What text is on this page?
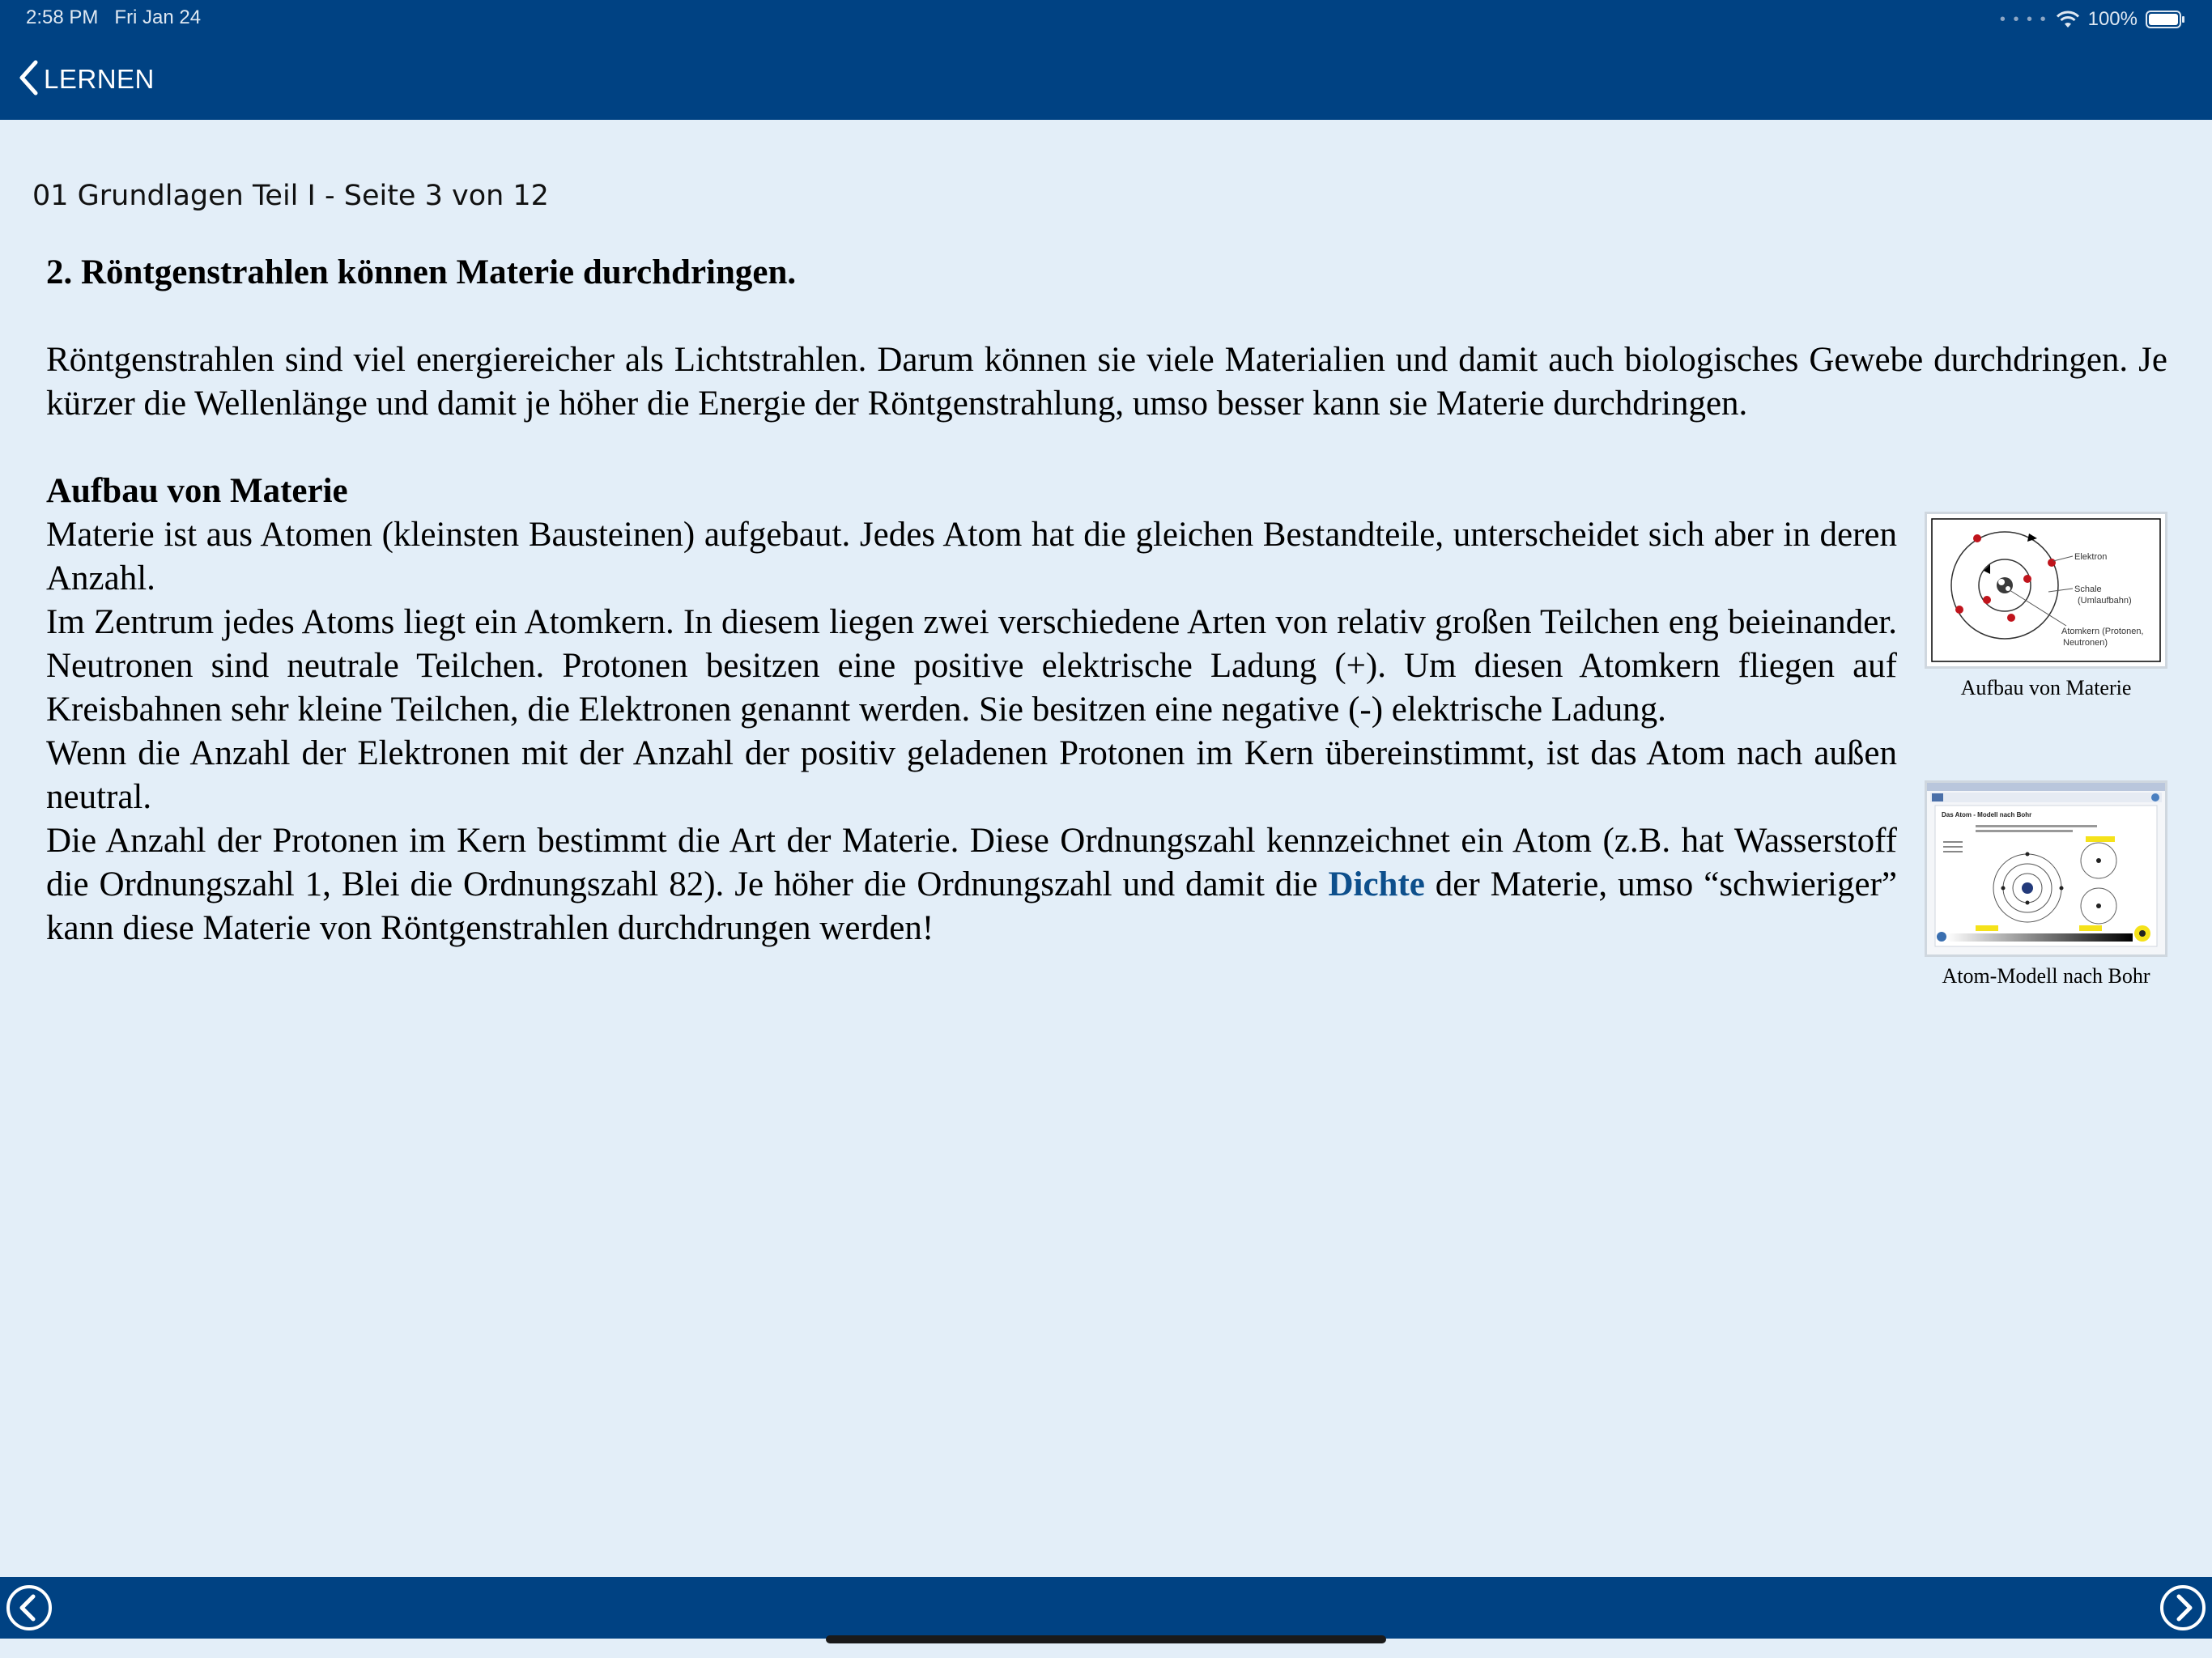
2:58 PM Fri Jan 24	• • • • 100%
LERNEN
01 Grundlagen Teil I - Seite 3 von 12
2. Röntgenstrahlen können Materie durchdringen.

Röntgenstrahlen sind viel energiereicher als Lichtstrahlen. Darum können sie viele Materialien und damit auch biologisches Gewebe durchdringen. Je kürzer die Wellenlänge und damit je höher die Energie der Röntgenstrahlung, umso besser kann sie Materie durchdringen.

Elektron
Schale
(Umlaufbahn)
Atomkern (Protonen,
Neutronen)
Aufbau von Materie
Das Atom - Modell nach Bohr
Atom-Modell nach Bohr
Aufbau von Materie

Materie ist aus Atomen (kleinsten Bausteinen) aufgebaut. Jedes Atom hat die gleichen Bestandteile, unterscheidet sich aber in deren Anzahl.

Im Zentrum jedes Atoms liegt ein Atomkern. In diesem liegen zwei verschiedene Arten von relativ großen Teilchen eng beieinander. Neutronen sind neutrale Teilchen. Protonen besitzen eine positive elektrische Ladung (+). Um diesen Atomkern fliegen auf Kreisbahnen sehr kleine Teilchen, die Elektronen genannt werden. Sie besitzen eine negative (-) elektrische Ladung.

Wenn die Anzahl der Elektronen mit der Anzahl der positiv geladenen Protonen im Kern übereinstimmt, ist das Atom nach außen neutral.

Die Anzahl der Protonen im Kern bestimmt die Art der Materie. Diese Ordnungszahl kennzeichnet ein Atom (z.B. hat Wasserstoff die Ordnungszahl 1, Blei die Ordnungszahl 82). Je höher die Ordnungszahl und damit die Dichte der Materie, umso “schwieriger” kann diese Materie von Röntgenstrahlen durchdrungen werden!
